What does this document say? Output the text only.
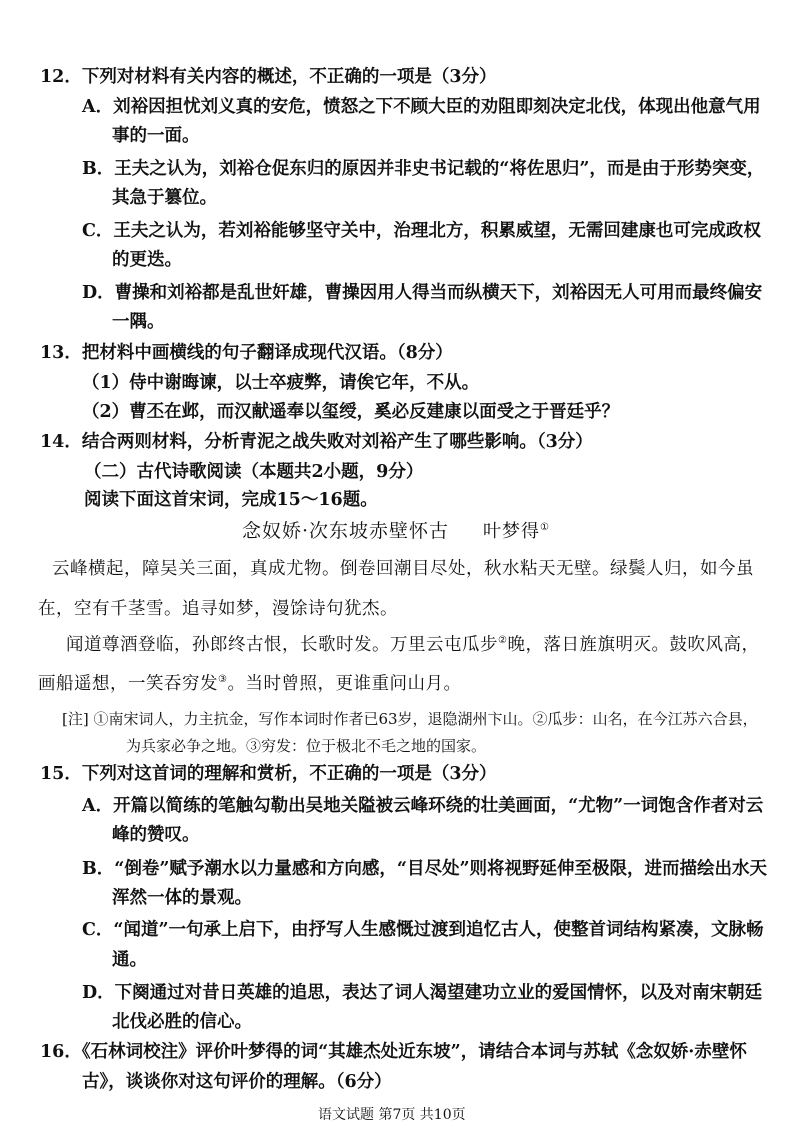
12．下列对材料有关内容的概述，不正确的一项是（3分）
A．刘裕因担忧刘义真的安危，愤怒之下不顾大臣的劝阻即刻决定北伐，体现出他意气用
事的一面。
B．王夫之认为，刘裕仓促东归的原因并非史书记载的“将佐思归”，而是由于形势突变，
其急于篡位。
C．王夫之认为，若刘裕能够坚守关中，治理北方，积累威望，无需回建康也可完成政权
的更迭。
D．曹操和刘裕都是乱世奸雄，曹操因用人得当而纵横天下，刘裕因无人可用而最终偏安
一隅。
13．把材料中画横线的句子翻译成现代汉语。（8分）
（1）侍中谢晦谏，以士卒疲弊，请俟它年，不从。
（2）曹丕在邺，而汉献遥奉以玺绶，奚必反建康以面受之于晋廷乎？
14．结合两则材料，分析青泥之战失败对刘裕产生了哪些影响。（3分）
（二）古代诗歌阅读（本题共2小题，9分）
阅读下面这首宋词，完成15～16题。
念奴娇·次东坡赤壁怀古 叶梦得①
云峰横起，障吴关三面，真成尤物。倒卷回潮目尽处，秋水粘天无壁。绿鬓人归，如今虽
在，空有千茎雪。追寻如梦，漫馀诗句犹杰。
闻道尊酒登临，孙郎终古恨，长歌时发。万里云屯瓜步②晚，落日旌旗明灭。鼓吹风高，
画船遥想，一笑吞穷发③。当时曾照，更谁重问山月。
[注] ①南宋词人，力主抗金，写作本词时作者已63岁，退隐湖州卞山。②瓜步：山名，在今江苏六合县，
为兵家必争之地。③穷发：位于极北不毛之地的国家。
15．下列对这首词的理解和赏析，不正确的一项是（3分）
A．开篇以简练的笔触勾勒出吴地关隘被云峰环绕的壮美画面，“尤物”一词饱含作者对云
峰的赞叹。
B．“倒卷”赋予潮水以力量感和方向感，“目尽处”则将视野延伸至极限，进而描绘出水天
浑然一体的景观。
C．“闻道”一句承上启下，由抒写人生感慨过渡到追忆古人，使整首词结构紧凑，文脉畅
通。
D．下阕通过对昔日英雄的追思，表达了词人渴望建功立业的爱国情怀，以及对南宋朝廷
北伐必胜的信心。
16．《石林词校注》评价叶梦得的词“其雄杰处近东坡”，请结合本词与苏轼《念奴娇·赤壁怀
古》，谈谈你对这句评价的理解。（6分）
语文试题 第7页 共10页
